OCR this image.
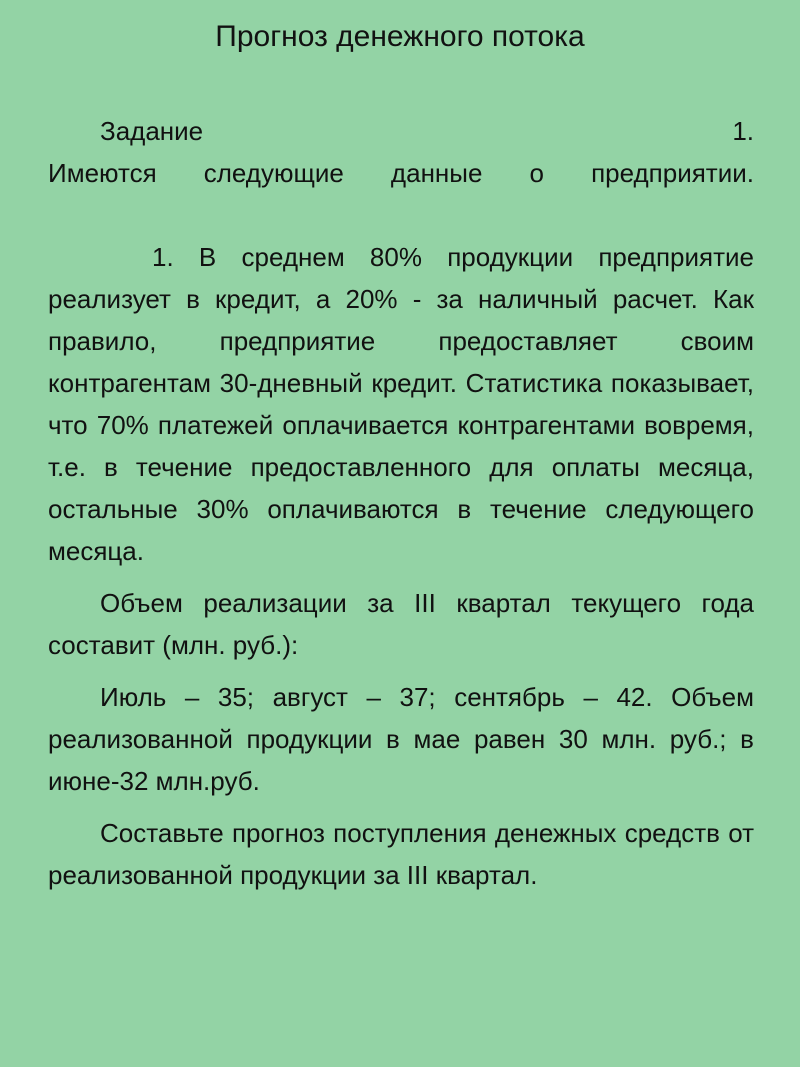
Прогноз денежного потока
Задание	1.

Имеются следующие данные о предприятии.

1. В среднем 80% продукции предприятие реализует в кредит, а 20% - за наличный расчет. Как правило, предприятие предоставляет своим контрагентам 30-дневный кредит. Статистика показывает, что 70% платежей оплачивается контрагентами вовремя, т.е. в течение предоставленного для оплаты месяца, остальные 30% оплачиваются в течение следующего месяца.

Объем реализации за III квартал текущего года составит (млн. руб.):

Июль – 35; август – 37; сентябрь – 42. Объем реализованной продукции в мае равен 30 млн. руб.; в июне-32 млн.руб.

Составьте прогноз поступления денежных средств от реализованной продукции за III квартал.
